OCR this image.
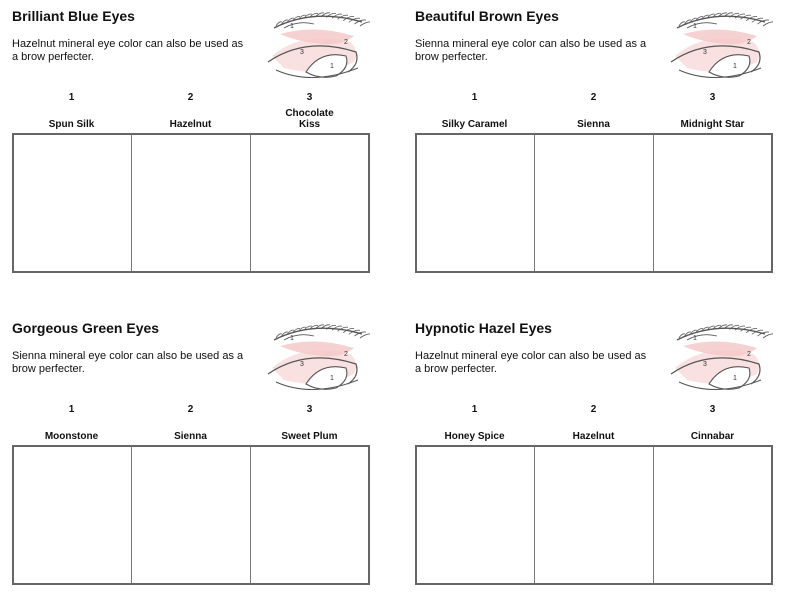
Brilliant Blue Eyes

Hazelnut mineral eye color can also be used as a brow perfecter.

1
2
3
1
1
Spun Silk
2
Hazelnut
3
Chocolate Kiss
Beautiful Brown Eyes

Sienna mineral eye color can also be used as a brow perfecter.

1
2
3
1
1
Silky Caramel
2
Sienna
3
Midnight Star
Gorgeous Green Eyes

Sienna mineral eye color can also be used as a brow perfecter.

1
2
3
1
1
Moonstone
2
Sienna
3
Sweet Plum
Hypnotic Hazel Eyes

Hazelnut mineral eye color can also be used as a brow perfecter.

1
2
3
1
1
Honey Spice
2
Hazelnut
3
Cinnabar
